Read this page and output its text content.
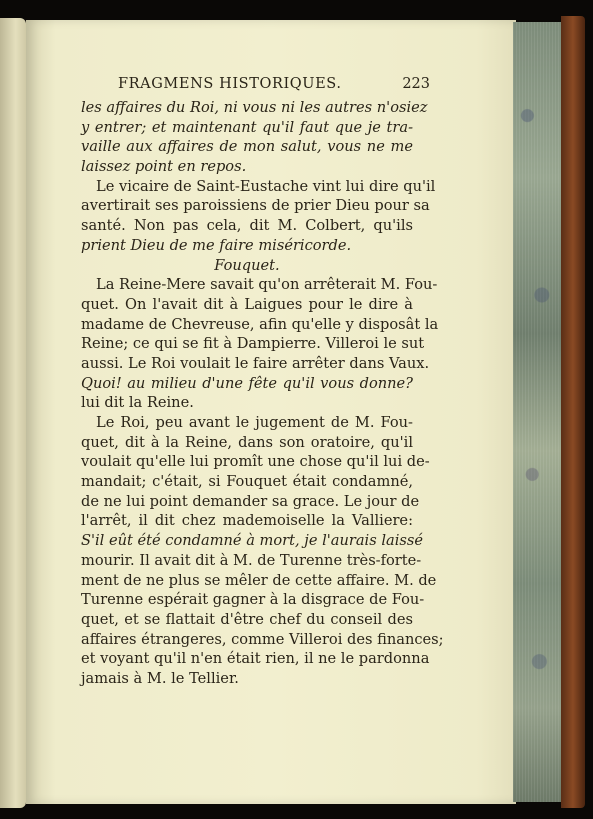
FRAGMENS HISTORIQUES.	223
les affaires du Roi, ni vous ni les autres n'osiez
y entrer; et maintenant qu'il faut que je tra-
vaille aux affaires de mon salut, vous ne me
laissez point en repos.
Le vicaire de Saint-Eustache vint lui dire qu'il
avertirait ses paroissiens de prier Dieu pour sa
santé. Non pas cela, dit M. Colbert, qu'ils
prient Dieu de me faire miséricorde.
Fouquet.
La Reine-Mere savait qu'on arrêterait M. Fou-
quet. On l'avait dit à Laigues pour le dire à
madame de Chevreuse, afin qu'elle y disposât la
Reine; ce qui se fit à Dampierre. Villeroi le sut
aussi. Le Roi voulait le faire arrêter dans Vaux.
Quoi! au milieu d'une fête qu'il vous donne?
lui dit la Reine.
Le Roi, peu avant le jugement de M. Fou-
quet, dit à la Reine, dans son oratoire, qu'il
voulait qu'elle lui promît une chose qu'il lui de-
mandait; c'était, si Fouquet était condamné,
de ne lui point demander sa grace. Le jour de
l'arrêt, il dit chez mademoiselle la Valliere:
S'il eût été condamné à mort, je l'aurais laissé
mourir. Il avait dit à M. de Turenne très-forte-
ment de ne plus se mêler de cette affaire. M. de
Turenne espérait gagner à la disgrace de Fou-
quet, et se flattait d'être chef du conseil des
affaires étrangeres, comme Villeroi des finances;
et voyant qu'il n'en était rien, il ne le pardonna
jamais à M. le Tellier.
